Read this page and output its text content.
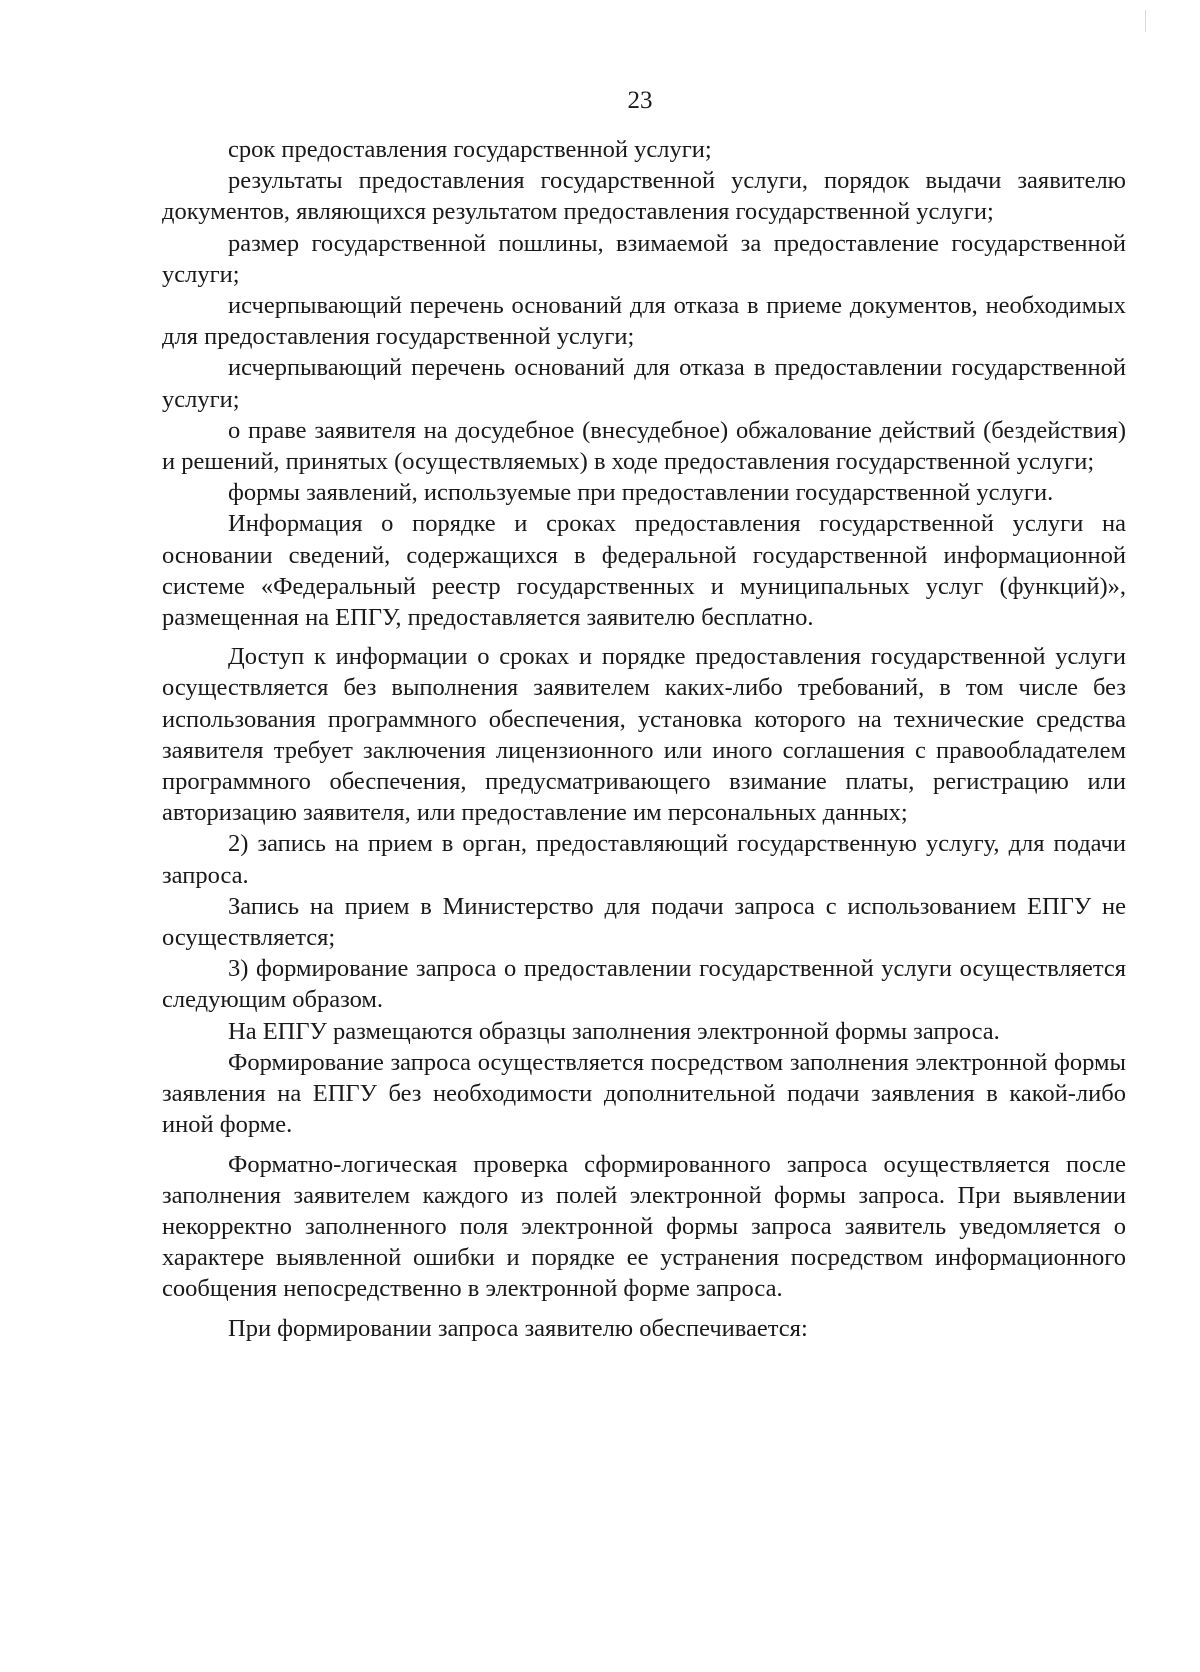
23

срок предоставления государственной услуги;

результаты предоставления государственной услуги, порядок выдачи заявителю документов, являющихся результатом предоставления государственной услуги;

размер государственной пошлины, взимаемой за предоставление государственной услуги;

исчерпывающий перечень оснований для отказа в приеме документов, необходимых для предоставления государственной услуги;

исчерпывающий перечень оснований для отказа в предоставлении государственной услуги;

о праве заявителя на досудебное (внесудебное) обжалование действий (бездействия) и решений, принятых (осуществляемых) в ходе предоставления государственной услуги;

формы заявлений, используемые при предоставлении государственной услуги.

Информация о порядке и сроках предоставления государственной услуги на основании сведений, содержащихся в федеральной государственной информационной системе «Федеральный реестр государственных и муниципальных услуг (функций)», размещенная на ЕПГУ, предоставляется заявителю бесплатно.

Доступ к информации о сроках и порядке предоставления государственной услуги осуществляется без выполнения заявителем каких-либо требований, в том числе без использования программного обеспечения, установка которого на технические средства заявителя требует заключения лицензионного или иного соглашения с правообладателем программного обеспечения, предусматривающего взимание платы, регистрацию или авторизацию заявителя, или предоставление им персональных данных;

2) запись на прием в орган, предоставляющий государственную услугу, для подачи запроса.

Запись на прием в Министерство для подачи запроса с использованием ЕПГУ не осуществляется;

3) формирование запроса о предоставлении государственной услуги осуществляется следующим образом.

На ЕПГУ размещаются образцы заполнения электронной формы запроса.

Формирование запроса осуществляется посредством заполнения электронной формы заявления на ЕПГУ без необходимости дополнительной подачи заявления в какой-либо иной форме.

Форматно-логическая проверка сформированного запроса осуществляется после заполнения заявителем каждого из полей электронной формы запроса. При выявлении некорректно заполненного поля электронной формы запроса заявитель уведомляется о характере выявленной ошибки и порядке ее устранения посредством информационного сообщения непосредственно в электронной форме запроса.

При формировании запроса заявителю обеспечивается:
